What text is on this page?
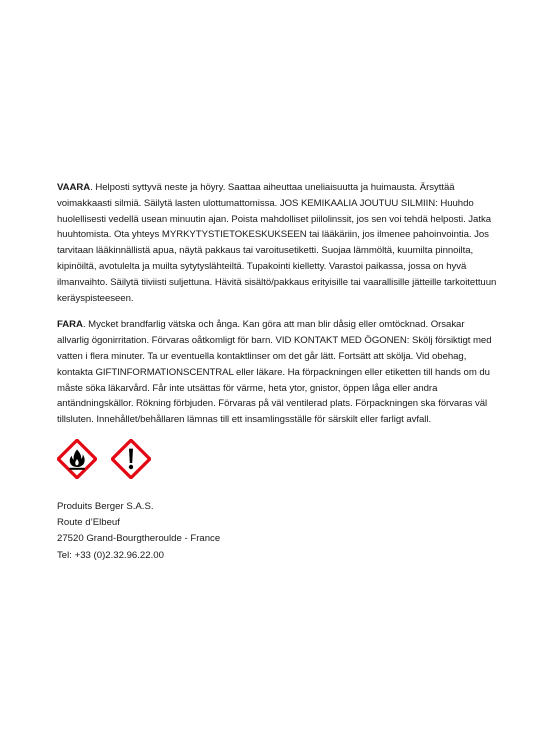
VAARA. Helposti syttyvä neste ja höyry. Saattaa aiheuttaa uneliaisuutta ja huimausta. Ärsyttää voimakkaasti silmiä. Säilytä lasten ulottumattomissa. JOS KEMIKAALIA JOUTUU SILMIIN: Huuhdo huolellisesti vedellä usean minuutin ajan. Poista mahdolliset piilolinssit, jos sen voi tehdä helposti. Jatka huuhtomista. Ota yhteys MYRKYTYSTIETOKESKUKSEEN tai lääkäriin, jos ilmenee pahoinvointia. Jos tarvitaan lääkinnällistä apua, näytä pakkaus tai varoitusetiketti. Suojaa lämmöltä, kuumilta pinnoilta, kipinöiltä, avotulelta ja muilta sytytyslähteiltä. Tupakointi kielletty. Varastoi paikassa, jossa on hyvä ilmanvaihto. Säilytä tiiviisti suljettuna. Hävitä sisältö/pakkaus erityisille tai vaarallisille jätteille tarkoitettuun keräyspisteeseen.

FARA. Mycket brandfarlig vätska och ånga. Kan göra att man blir dåsig eller omtöcknad. Orsakar allvarlig ögonirritation. Förvaras oåtkomligt för barn. VID KONTAKT MED ÖGONEN: Skölj försiktigt med vatten i flera minuter. Ta ur eventuella kontaktlinser om det går lätt. Fortsätt att skölja. Vid obehag, kontakta GIFTINFORMATIONSCENTRAL eller läkare. Ha förpackningen eller etiketten till hands om du måste söka läkarvård. Får inte utsättas för värme, heta ytor, gnistor, öppen låga eller andra antändningskällor. Rökning förbjuden. Förvaras på väl ventilerad plats. Förpackningen ska förvaras väl tillsluten. Innehållet/behållaren lämnas till ett insamlingsställe för särskilt eller farligt avfall.

Produits Berger S.A.S.
Route d’Elbeuf
27520 Grand-Bourgtheroulde - France
Tel: +33 (0)2.32.96.22.00
